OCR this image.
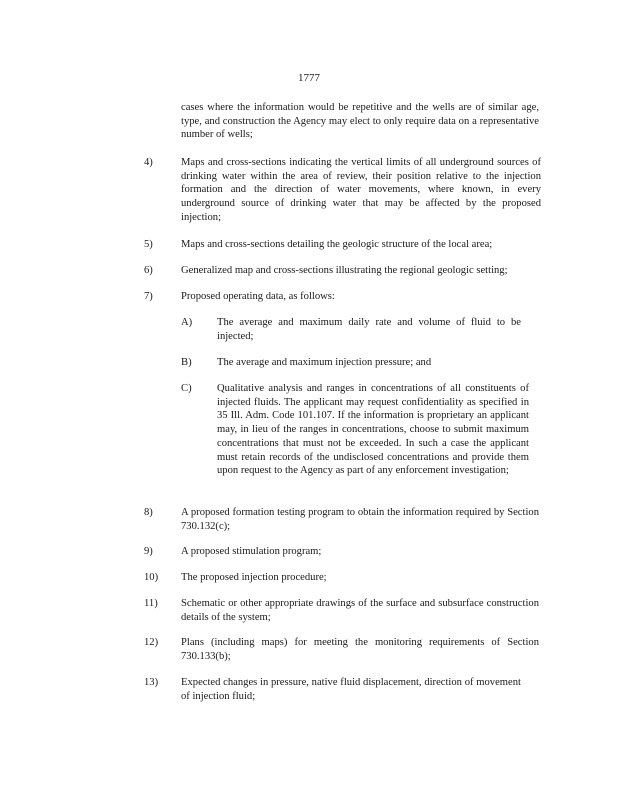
1777
cases where the information would be repetitive and the wells are of similar age, type, and construction the Agency may elect to only require data on a representative number of wells;
4)	Maps and cross-sections indicating the vertical limits of all underground sources of drinking water within the area of review, their position relative to the injection formation and the direction of water movements, where known, in every underground source of drinking water that may be affected by the proposed injection;
5)	Maps and cross-sections detailing the geologic structure of the local area;
6)	Generalized map and cross-sections illustrating the regional geologic setting;
7)	Proposed operating data, as follows:
A) The average and maximum daily rate and volume of fluid to be injected;
B) The average and maximum injection pressure; and
C) Qualitative analysis and ranges in concentrations of all constituents of injected fluids. The applicant may request confidentiality as specified in 35 Ill. Adm. Code 101.107. If the information is proprietary an applicant may, in lieu of the ranges in concentrations, choose to submit maximum concentrations that must not be exceeded. In such a case the applicant must retain records of the undisclosed concentrations and provide them upon request to the Agency as part of any enforcement investigation;
8)	A proposed formation testing program to obtain the information required by Section 730.132(c);
9)	A proposed stimulation program;
10) The proposed injection procedure;
11) Schematic or other appropriate drawings of the surface and subsurface construction details of the system;
12) Plans (including maps) for meeting the monitoring requirements of Section 730.133(b);
13) Expected changes in pressure, native fluid displacement, direction of movement of injection fluid;
